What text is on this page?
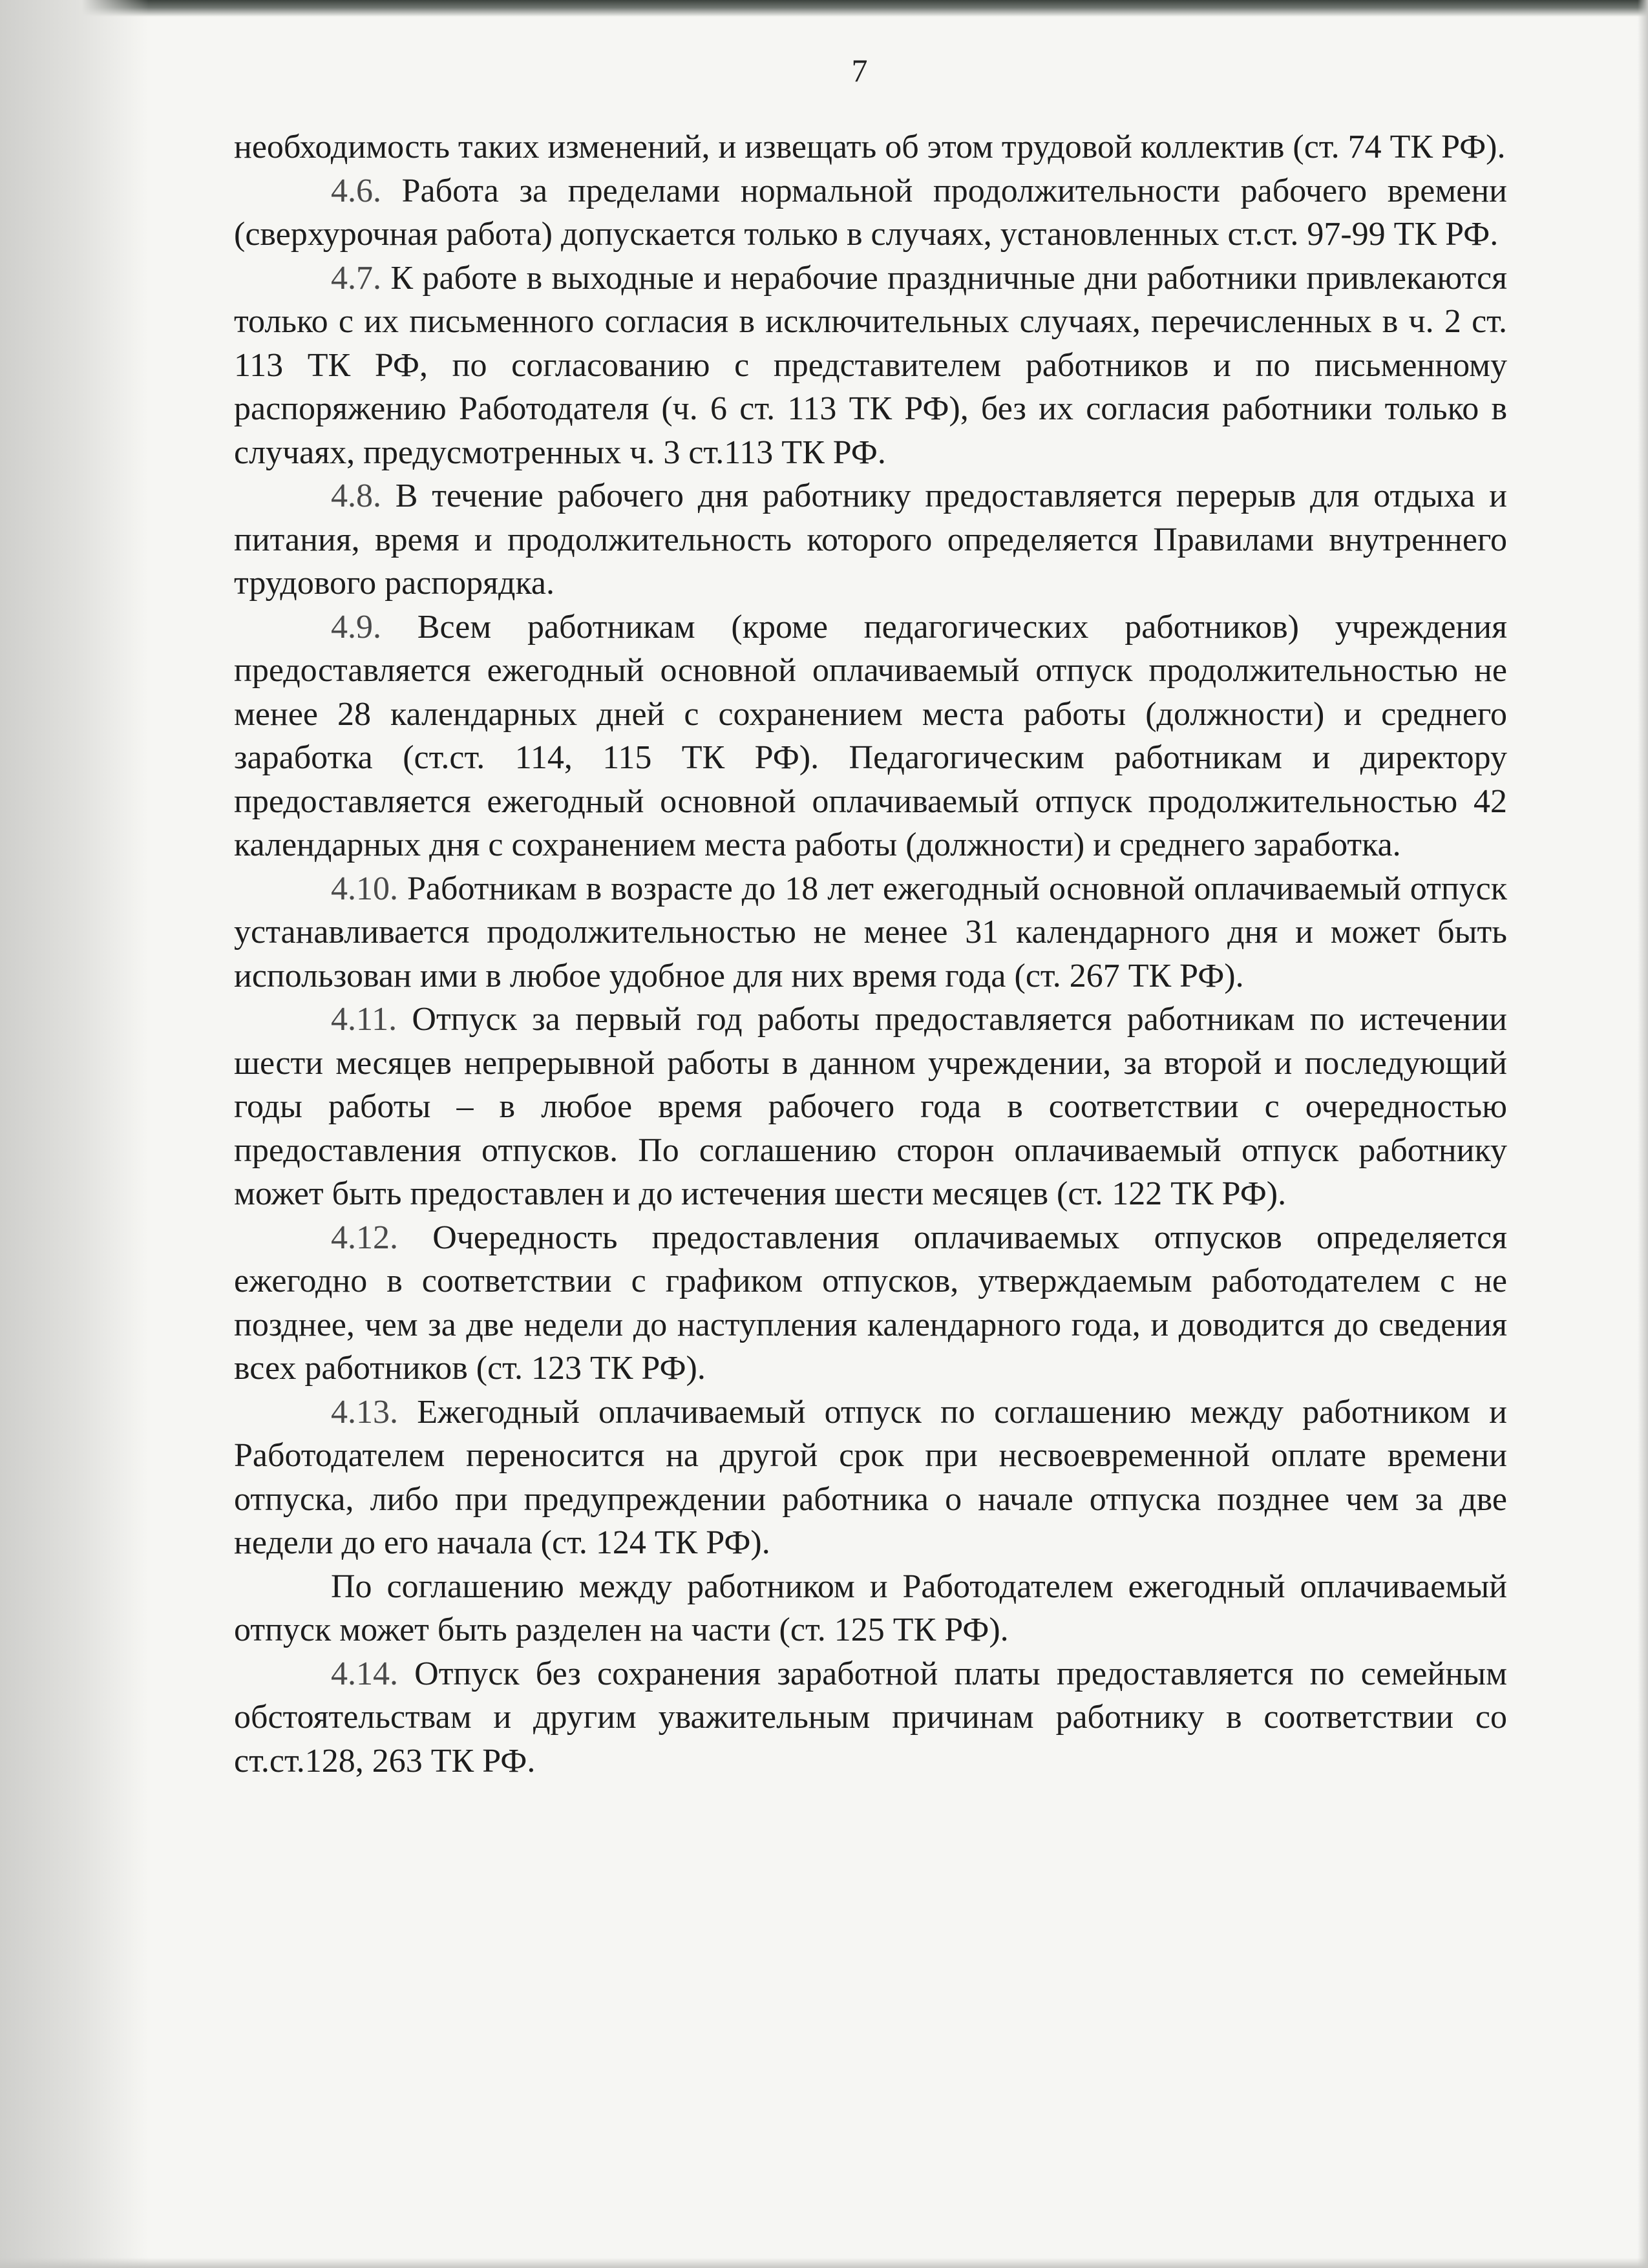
7

необходимость таких изменений, и извещать об этом трудовой коллектив (ст. 74 ТК РФ).

4.6. Работа за пределами нормальной продолжительности рабочего времени (сверхурочная работа) допускается только в случаях, установленных ст.ст. 97-99 ТК РФ.

4.7. К работе в выходные и нерабочие праздничные дни работники привлекаются только с их письменного согласия в исключительных случаях, перечисленных в ч. 2 ст. 113 ТК РФ, по согласованию с представителем работников и по письменному распоряжению Работодателя (ч. 6 ст. 113 ТК РФ), без их согласия работники только в случаях, предусмотренных ч. 3 ст.113 ТК РФ.

4.8. В течение рабочего дня работнику предоставляется перерыв для отдыха и питания, время и продолжительность которого определяется Правилами внутреннего трудового распорядка.

4.9. Всем работникам (кроме педагогических работников) учреждения предоставляется ежегодный основной оплачиваемый отпуск продолжительностью не менее 28 календарных дней с сохранением места работы (должности) и среднего заработка (ст.ст. 114, 115 ТК РФ). Педагогическим работникам и директору предоставляется ежегодный основной оплачиваемый отпуск продолжительностью 42 календарных дня с сохранением места работы (должности) и среднего заработка.

4.10. Работникам в возрасте до 18 лет ежегодный основной оплачиваемый отпуск устанавливается продолжительностью не менее 31 календарного дня и может быть использован ими в любое удобное для них время года (ст. 267 ТК РФ).

4.11. Отпуск за первый год работы предоставляется работникам по истечении шести месяцев непрерывной работы в данном учреждении, за второй и последующий годы работы – в любое время рабочего года в соответствии с очередностью предоставления отпусков. По соглашению сторон оплачиваемый отпуск работнику может быть предоставлен и до истечения шести месяцев (ст. 122 ТК РФ).

4.12. Очередность предоставления оплачиваемых отпусков определяется ежегодно в соответствии с графиком отпусков, утверждаемым работодателем с не позднее, чем за две недели до наступления календарного года, и доводится до сведения всех работников (ст. 123 ТК РФ).

4.13. Ежегодный оплачиваемый отпуск по соглашению между работником и Работодателем переносится на другой срок при несвоевременной оплате времени отпуска, либо при предупреждении работника о начале отпуска позднее чем за две недели до его начала (ст. 124 ТК РФ).

По соглашению между работником и Работодателем ежегодный оплачиваемый отпуск может быть разделен на части (ст. 125 ТК РФ).

4.14. Отпуск без сохранения заработной платы предоставляется по семейным обстоятельствам и другим уважительным причинам работнику в соответствии со ст.ст.128, 263 ТК РФ.
